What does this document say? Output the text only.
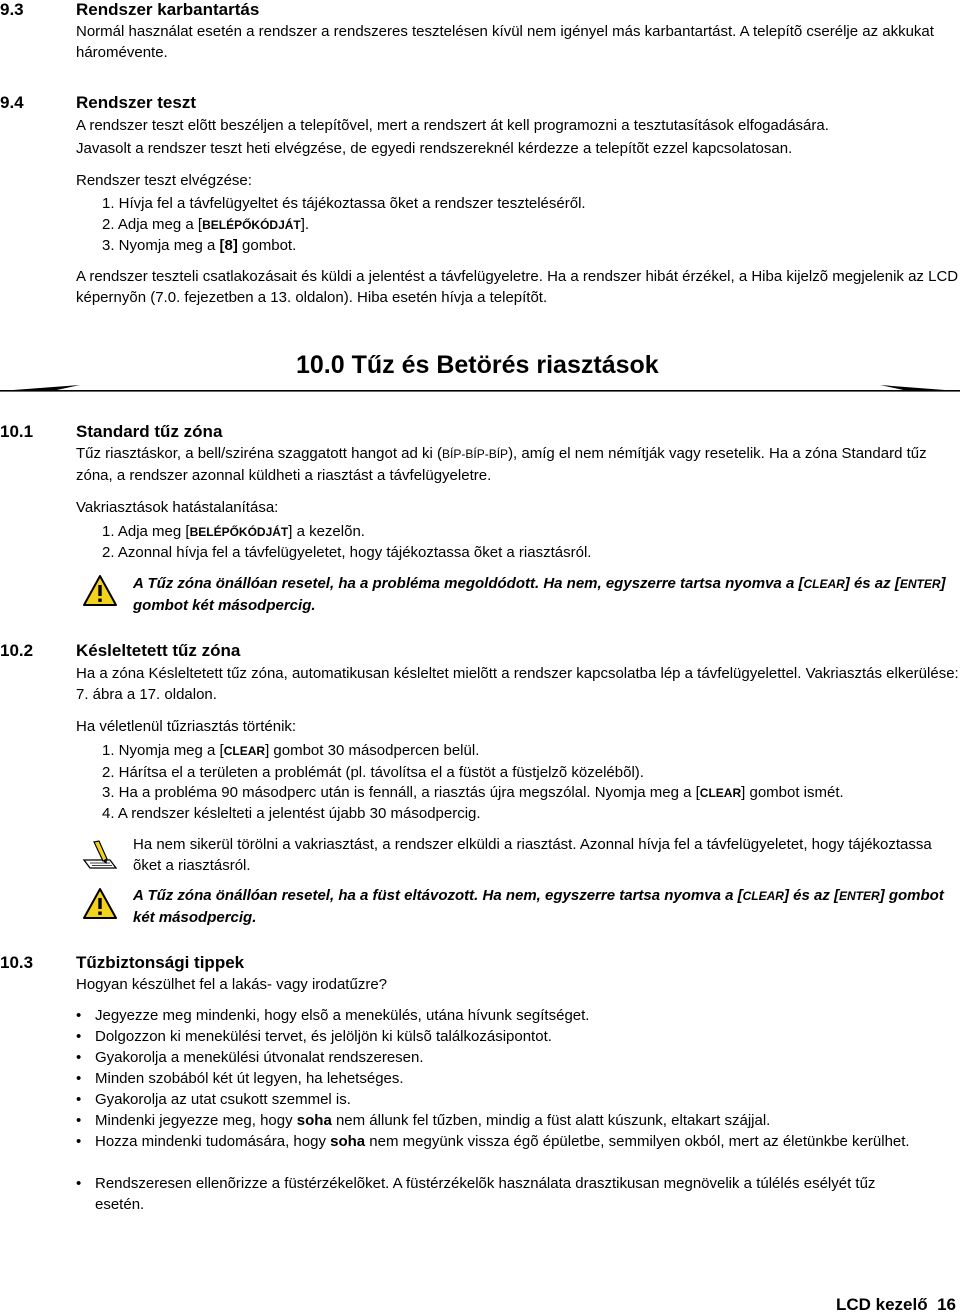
9.3	Rendszer karbantartás
Normál használat esetén a rendszer a rendszeres tesztelésen kívül nem igényel más karbantartást. A telepítõ cserélje az akkukat háromévente.
9.4	Rendszer teszt
A rendszer teszt elõtt beszéljen a telepítõvel, mert a rendszert át kell programozni a tesztutasítások elfogadására.
Javasolt a rendszer teszt heti elvégzése, de egyedi rendszereknél kérdezze a telepítõt ezzel kapcsolatosan.
Rendszer teszt elvégzése:
1. Hívja fel a távfelügyeltet és tájékoztassa õket a rendszer teszteléséről.
2. Adja meg a [BELÉPŐKÓDJÁT].
3. Nyomja meg a [8] gombot.
A rendszer teszteli csatlakozásait és küldi a jelentést a távfelügyeletre. Ha a rendszer hibát érzékel, a Hiba kijelzõ megjelenik az LCD képernyõn (7.0. fejezetben a 13. oldalon). Hiba esetén hívja a telepítõt.
10.0 Tűz és Betörés riasztások
10.1	Standard tűz zóna
Tűz riasztáskor, a bell/sziréna szaggatott hangot ad ki (BÍP-BÍP-BÍP), amíg el nem némítják vagy resetelik. Ha a zóna Standard tűz zóna, a rendszer azonnal küldheti a riasztást a távfelügyeletre.
Vakriasztások hatástalanítása:
1. Adja meg [BELÉPŐKÓDJÁT] a kezelõn.
2. Azonnal hívja fel a távfelügyeletet, hogy tájékoztassa õket a riasztásról.
A Tűz zóna önállóan resetel, ha a probléma megoldódott. Ha nem, egyszerre tartsa nyomva a [CLEAR] és az [ENTER] gombot két másodpercig.
10.2	Késleltetett tűz zóna
Ha a zóna Késleltetett tűz zóna, automatikusan késleltet mielõtt a rendszer kapcsolatba lép a távfelügyelettel. Vakriasztás elkerülése: 7. ábra a 17. oldalon.
Ha véletlenül tűzriasztás történik:
1. Nyomja meg a [CLEAR] gombot 30 másodpercen belül.
2. Hárítsa el a területen a problémát (pl. távolítsa el a füstöt a füstjelzõ közelébõl).
3. Ha a probléma 90 másodperc után is fennáll, a riasztás újra megszólal. Nyomja meg a [CLEAR] gombot ismét.
4. A rendszer késlelteti a jelentést újabb 30 másodpercig.
Ha nem sikerül törölni a vakriasztást, a rendszer elküldi a riasztást. Azonnal hívja fel a távfelügyeletet, hogy tájékoztassa õket a riasztásról.
A Tűz zóna önállóan resetel, ha a füst eltávozott. Ha nem, egyszerre tartsa nyomva a [CLEAR] és az [ENTER] gombot két másodpercig.
10.3	Tűzbiztonsági tippek
Hogyan készülhet fel a lakás- vagy irodatűzre?
• Jegyezze meg mindenki, hogy elsõ a menekülés, utána hívunk segítséget.
• Dolgozzon ki menekülési tervet, és jelöljön ki külsõ találkozásipontot.
• Gyakorolja a menekülési útvonalat rendszeresen.
• Minden szobából két út legyen, ha lehetséges.
• Gyakorolja az utat csukott szemmel is.
• Mindenki jegyezze meg, hogy soha nem állunk fel tűzben, mindig a füst alatt kúszunk, eltakart szájjal.
• Hozza mindenki tudomására, hogy soha nem megyünk vissza égõ épületbe, semmilyen okból, mert az életünkbe kerülhet.
• Rendszeresen ellenõrizze a füstérzékelõket. A füstérzékelõk használata drasztikusan megnövelik a túlélés esélyét tűz esetén.
LCD kezelő 16
